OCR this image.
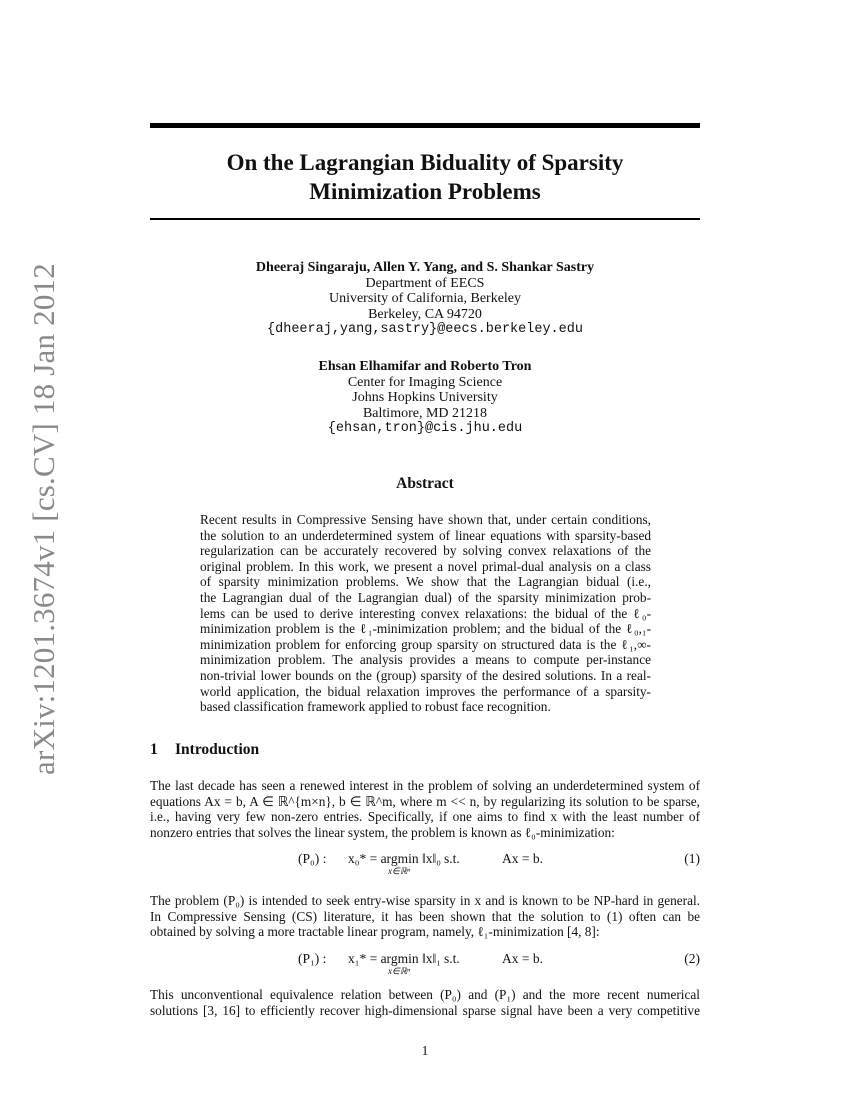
arXiv:1201.3674v1 [cs.CV] 18 Jan 2012
On the Lagrangian Biduality of Sparsity
Minimization Problems
Dheeraj Singaraju, Allen Y. Yang, and S. Shankar Sastry
Department of EECS
University of California, Berkeley
Berkeley, CA 94720
{dheeraj,yang,sastry}@eecs.berkeley.edu
Ehsan Elhamifar and Roberto Tron
Center for Imaging Science
Johns Hopkins University
Baltimore, MD 21218
{ehsan,tron}@cis.jhu.edu
Abstract
Recent results in Compressive Sensing have shown that, under certain conditions,
the solution to an underdetermined system of linear equations with sparsity-based
regularization can be accurately recovered by solving convex relaxations of the
original problem. In this work, we present a novel primal-dual analysis on a class
of sparsity minimization problems. We show that the Lagrangian bidual (i.e.,
the Lagrangian dual of the Lagrangian dual) of the sparsity minimization prob-
lems can be used to derive interesting convex relaxations: the bidual of the ℓ₀-
minimization problem is the ℓ₁-minimization problem; and the bidual of the ℓ₀,₁-
minimization problem for enforcing group sparsity on structured data is the ℓ₁,∞-
minimization problem. The analysis provides a means to compute per-instance
non-trivial lower bounds on the (group) sparsity of the desired solutions. In a real-
world application, the bidual relaxation improves the performance of a sparsity-
based classification framework applied to robust face recognition.
1 Introduction
The last decade has seen a renewed interest in the problem of solving an underdetermined system of
equations Ax = b, A ∈ ℝ^{m×n}, b ∈ ℝ^m, where m << n, by regularizing its solution to be sparse,
i.e., having very few non-zero entries. Specifically, if one aims to find x with the least number of
nonzero entries that solves the linear system, the problem is known as ℓ₀-minimization:
(P₀) : x₀* = argmin ‖x‖₀
x∈ℝⁿ
s.t.	Ax = b.	(1)
The problem (P₀) is intended to seek entry-wise sparsity in x and is known to be NP-hard in general.
In Compressive Sensing (CS) literature, it has been shown that the solution to (1) often can be
obtained by solving a more tractable linear program, namely, ℓ₁-minimization [4, 8]:
(P₁) : x₁* = argmin ‖x‖₁
x∈ℝⁿ
s.t.	Ax = b.	(2)
This unconventional equivalence relation between (P₀) and (P₁) and the more recent numerical
solutions [3, 16] to efficiently recover high-dimensional sparse signal have been a very competitive
1
